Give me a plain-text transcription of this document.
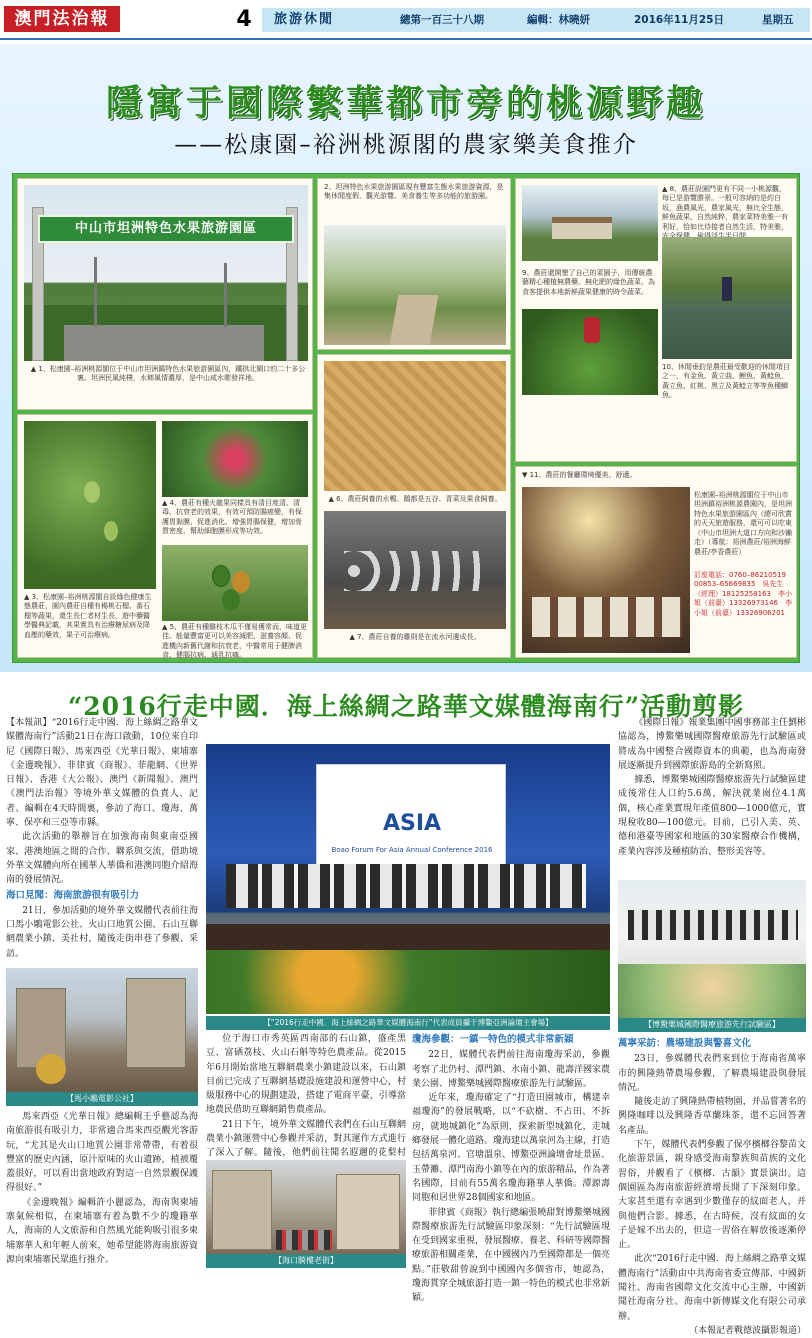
澳門法治報	4	旅游休閒	總第一百三十八期	編輯：林曉妍	2016年11月25日	星期五
隱寓于國際繁華都市旁的桃源野趣
——松康園–裕洲桃源閣的農家樂美食推介
中山市坦洲特色水果旅游園區
▲ 1、松康園–裕洲桃源閣位于中山市坦洲鎮特色水果旅游園區內，鐵拱北閘口約二十多公裏。坦洲民風純樸，水鄉風情濃厚，是中山咸水歌發祥地。
2、坦洲特色水果旅游園區現有豐富生態水果旅游資源，是集休閒度假、觀光游覽、美食養生等多功能的旅游園。
▲ 4、農莊有種火龍果同樣具有清目度清、清毒、抗衰老的效果，有效可預防腸癌變，有保護胃黏膜、促進消化、增強胃腸保健，增加骨質密度，幫助細胞膜形成等功效。
▲ 3、松康園–裕洲桃源閣自設綠色健康生態農莊，園內農莊自種有楊桃石榴、番石榴等蔬果，還生長仁者材生長，遊中藥醫學醫典記載，其果實具有治療糖尿病及降血壓的藥效，果子可治療病。
▲ 5、農莊有種雞枝木瓜不僅易獲常而，味道更佳。能量豐富更可以美容減肥、滋養容顏、促進機內新舊代謝和抗衰老，中醫常用于健脾消食、健腦抗病、通乳抗痛。
▲ 6、農莊飼養的水鴨、鵝都是五谷、青菜及果食飼養。
▲ 7、農莊自養的雞則是在流水河邊成長。
▲ 8、農莊設園門更有不同一小桃源觀，每已是游覽勝景。一般可容納的是約白坂，漁農風光，農家風光，無比全生態，鮮魚蔬果，自然純粹，農家菜特美雅一有利好，恰如比待接者自然生活，特美雅，
9、農莊還開墾了自己的菜園子，用傳統農藝精心種植無農藥、無化肥的綠色蔬菜，為食客提供本地新鮮蔬果健康的時令蔬菜。
10、休閒垂釣是農莊最受歡迎的休閒項目之一，有金魚、黃立曲、鯉魚、黃鯰魚、黃立魚、紅桃、黑立及黃鯰立等等魚種鯽魚。
▼ 11、農莊的餐廳環境優美、舒適。
松康園–裕洲桃源閣位于中山市坦洲鎮裕洲桃源農園內，是坦洲特色水果旅游園區內（總可欣賞的天天旅遊服務，還可可以吃東（中山市坦洲大道口方向和沙獺走）（導航：裕洲農莊/裕洲海鮮農莊/亭香農莊）
訂座電話：0760–86210519　00853–65669835　吳先生（經理）18125258163　李小姐（前臺）13326973146　李小姐（前臺）13326906201
“2016行走中國．海上絲綢之路華文媒體海南行”活動剪影

【本報訊】“2016行走中國．海上絲綢之路華文媒體海南行”活動21日在海口啟動，10位來自印尼《國際日報》、馬來西亞《光華日報》、柬埔寨《金邊晚報》、菲律賓《商報》、菲龍網、《世界日報》、香港《大公報》、澳門《新聞報》、澳門《澳門法治報》等境外華文媒體的負責人、記者、編輯在4天時間裏，參訪了海口、瓊海、萬寧、保亭和三亞等市縣。

此次活動的舉辦旨在加強海南與東南亞國家、港澳地區之間的合作、聯系與交流，借助境外華文媒體向所在國華人華僑和港澳同胞介紹海南的發展情況。

海口見聞：海南旅游很有吸引力

21日，參加活動的境外華文媒體代表前往海口馬小鵰電影公社、火山口地質公園、石山互聯網農業小鎮、美社村，隨後走街串巷了參觀、采訪。

【馬小鵰電影公社】

馬來西亞《光華日報》總編輯王乎藝認為海南旅游很有吸引力，非常適合馬來西亞觀光客游玩，“尤其是火山口地質公園非常帶帶，有着很豐富的歷史內涵，原汁原味的火山遺跡，植被覆蓋很好，可以看出當地政府對這一自然景觀保護得很好。”

《金邊晚報》編輯許小麗認為，海南與柬埔寨氣候相似，在柬埔寨有着為數不少的瓊籍華人，海南的人文旅游和自然風光能夠吸引很多柬埔寨華人和年輕人前來，她希望能將海南旅游資源向柬埔寨民眾進行推介。

ASIA
Boao Forum For Asia Annual Conference 2016
【“2016行走中國．海上絲綢之路華文媒體海南行”代表成員攝于博鰲亞洲論壇主會場】

位于海口市秀英區西南部的石山鎮，盛產黑豆、富硒荔枝、火山石斛等特色農產品。從2015年6月開始當地互聯網農業小鎮建設以來，石山鎮目前已完成了互聯網基礎設施建設和運營中心，村級服務中心的規劃建設，搭建了電商平臺，引導當地農民借助互聯網銷售農產品。

21日下午，境外華文媒體代表們在石山互聯網農業小鎮運營中心參觀并采訪，對其運作方式進行了深入了解。隨後，他們前往聞名遐邇的花梨村

【海口騎樓老街】
瓊海參觀：一鎮一特色的模式非常新穎

22日，媒體代表們前往海南瓊海采訪，參觀考察了北仍村、潭門鎮、水南小鎮、龍壽洋國家農業公園、博鰲樂城國際醫療旅游先行試驗區。

近年來，瓊海確定了“打造田園城市，構建幸福瓊海”的發展戰略，以“不砍樹、不占田、不拆房，就地城鎮化”為原則，探索新型城鎮化，走城鄉發展一體化道路。瓊海建以萬泉河為主線，打造包括萬泉河、官塘溫泉、博鰲亞洲論壇會址景區、玉帶灘、潭門南海小鎮等在內的旅游精品，作為著名國際，目前有55萬名瓊海籍華人華僑。潭源壽同胞和居世界28個國家和地區。

菲律賓《商報》執行總編張曉甜對博鰲樂城國際醫療旅游先行試驗區印象深刻：“先行試驗區現在受到國家重視，發展醫療、養老、科研等國際醫療旅游相關產業，在中國國內乃至國際都是一個亮點。”莊敬甜曾說到中國國內多個省市，她認為，瓊海貫穿全城旅游打造一鎮一特色的模式也非常新穎。

《國際日報》報業集團中國事務部主任劉彬協認為，博鰲樂城國際醫療旅游先行試驗區或將成為中國整合國際資本的典範，也為海南發展逐漸提升到國際旅游島的全新寫照。

據悉，博鰲樂城國際醫療旅游先行試驗區建成後常住人口約5.6萬，解決就業崗位4.1萬個，核心產業實現年產值800—1000億元，實現稅收80—100億元。目前，已引入美、英、德和港臺等國家和地區的30家醫療合作機構，產業內容涉及種植防治、整形美容等。

【博鰲樂城國際醫療旅游先行試驗區】
萬寧采訪：農場建設與警喜文化

23日，參媒體代表們來到位于海南省萬寧市的興隆熱帶農場參觀，了解農場建設與發展情況。

隨後走訪了興隆熱帶植物園，并品嘗著名的興隆咖啡以及興隆香草蘭珠茶，還不忘回答著名產品。

下午，媒體代表們參觀了保亭檳榔谷黎苗文化旅游景區，親身感受海南黎族與苗族的文化習俗，并觀看了《檳榔．古韻》實景演出。這個園區為海南旅游經濟增長開了下深刻印象。大家甚至還有幸遇到少數僅存的紋面老人，并與他們合影。據悉，在古時候，沒有紋面的女子是嫁不出去的，但這一習俗在解放後逐漸停止。

此次“2016行走中國．海上絲綢之路華文媒體海南行”活動由中共海南省委宣傳部、中國新聞社、海南省國際文化交流中心主辦，中國新聞社海南分社、海南中新傳媒文化有限公司承辦。

（本報記者戰德波攝影報道）
